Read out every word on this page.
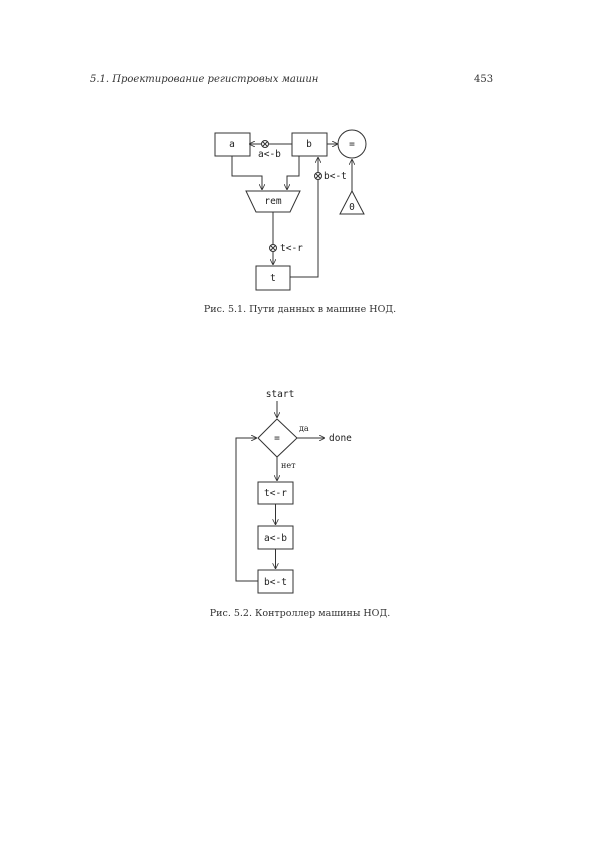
5.1. Проектирование регистровых машин	453
a	b	=
a<-b
0
rem
t<-r
t
b<-t
Рис. 5.1. Пути данных в машине НОД.
start
=
да
done
нет
t<-r
a<-b
b<-t
Рис. 5.2. Контроллер машины НОД.
